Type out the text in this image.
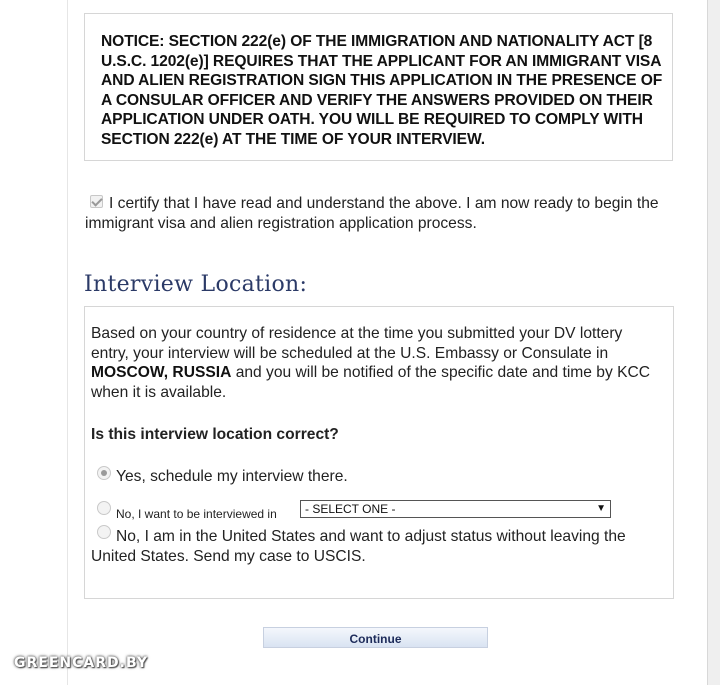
NOTICE: SECTION 222(e) OF THE IMMIGRATION AND NATIONALITY ACT [8 U.S.C. 1202(e)] REQUIRES THAT THE APPLICANT FOR AN IMMIGRANT VISA AND ALIEN REGISTRATION SIGN THIS APPLICATION IN THE PRESENCE OF A CONSULAR OFFICER AND VERIFY THE ANSWERS PROVIDED ON THEIR APPLICATION UNDER OATH. YOU WILL BE REQUIRED TO COMPLY WITH SECTION 222(e) AT THE TIME OF YOUR INTERVIEW.
I certify that I have read and understand the above. I am now ready to begin the immigrant visa and alien registration application process.
Interview Location:
Based on your country of residence at the time you submitted your DV lottery entry, your interview will be scheduled at the U.S. Embassy or Consulate in MOSCOW, RUSSIA and you will be notified of the specific date and time by KCC when it is available.
Is this interview location correct?
Yes, schedule my interview there.
No, I want to be interviewed in	- SELECT ONE -	▼
No, I am in the United States and want to adjust status without leaving the United States. Send my case to USCIS.
Continue
GREENCARD.BY
